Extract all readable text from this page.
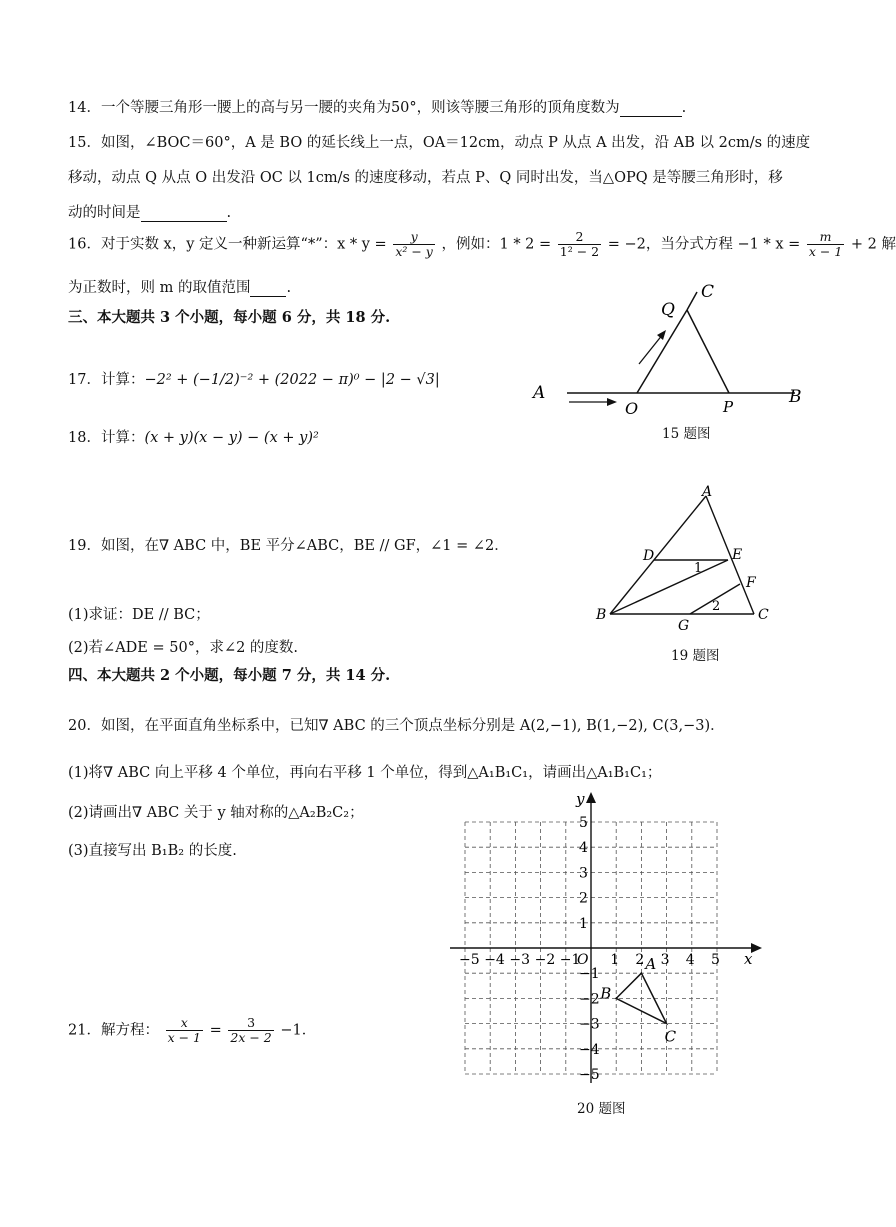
14．一个等腰三角形一腰上的高与另一腰的夹角为50°，则该等腰三角形的顶角度数为	.
15．如图，∠BOC＝60°，A 是 BO 的延长线上一点，OA＝12cm，动点 P 从点 A 出发，沿 AB 以 2cm/s 的速度
移动，动点 Q 从点 O 出发沿 OC 以 1cm/s 的速度移动，若点 P、Q 同时出发，当△OPQ 是等腰三角形时，移
动的时间是	.
16．对于实数 x，y 定义一种新运算“*”：$x * y = \frac{y}{\text{x² − y}}$ ，例如：$1 * 2 = \frac{2}{\text{1² − 2}} = -2$，当分式方程 $-1 * x = \frac{m}{x - 1} + 2$ 解
为正数时，则 m 的取值范围 .
三、本大题共 3 个小题，每小题 6 分，共 18 分.
17．计算：−2² + (−1/2)⁻² + (2022 − π)⁰ − |2 − √3|
18．计算：(x + y)(x − y) − (x + y)²
19．如图，在∇ ABC 中，BE 平分∠ABC，BE // GF，∠1 = ∠2．
(1)求证：DE // BC；
(2)若∠ADE = 50°，求∠2 的度数.
四、本大题共 2 个小题，每小题 7 分，共 14 分.
20．如图，在平面直角坐标系中，已知∇ ABC 的三个顶点坐标分别是 A(2,−1), B(1,−2), C(3,−3)．
(1)将∇ ABC 向上平移 4 个单位，再向右平移 1 个单位，得到△A₁B₁C₁，请画出△A₁B₁C₁；
(2)请画出∇ ABC 关于 y 轴对称的△A₂B₂C₂；
(3)直接写出 B₁B₂ 的长度.
21．解方程： $\frac{x}{x - 1} = \frac{3}{2x - 2} -1$．
A	B
O	P
Q
C
15 题图
A
B	C
D	E
F
G
1
2
19 题图
x
y
O
−5 −4 −3 −2 −1 1 2 3 4 5
5
4
3
2
1
−1
−2
−3
−4
−5
A
B
C
20 题图
